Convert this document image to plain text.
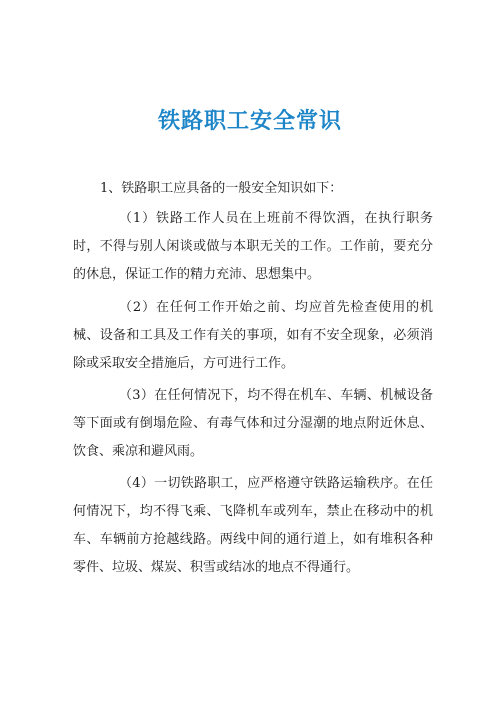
铁路职工安全常识
1、铁路职工应具备的一般安全知识如下：
（1）铁路工作人员在上班前不得饮酒，在执行职务时，不得与别人闲谈或做与本职无关的工作。工作前，要充分的休息，保证工作的精力充沛、思想集中。
（2）在任何工作开始之前、均应首先检查使用的机械、设备和工具及工作有关的事项，如有不安全现象，必须消除或采取安全措施后，方可进行工作。
（3）在任何情况下，均不得在机车、车辆、机械设备等下面或有倒塌危险、有毒气体和过分湿潮的地点附近休息、饮食、乘凉和避风雨。
（4）一切铁路职工，应严格遵守铁路运输秩序。在任何情况下，均不得飞乘、飞降机车或列车，禁止在移动中的机车、车辆前方抢越线路。两线中间的通行道上，如有堆积各种零件、垃圾、煤炭、积雪或结冰的地点不得通行。
